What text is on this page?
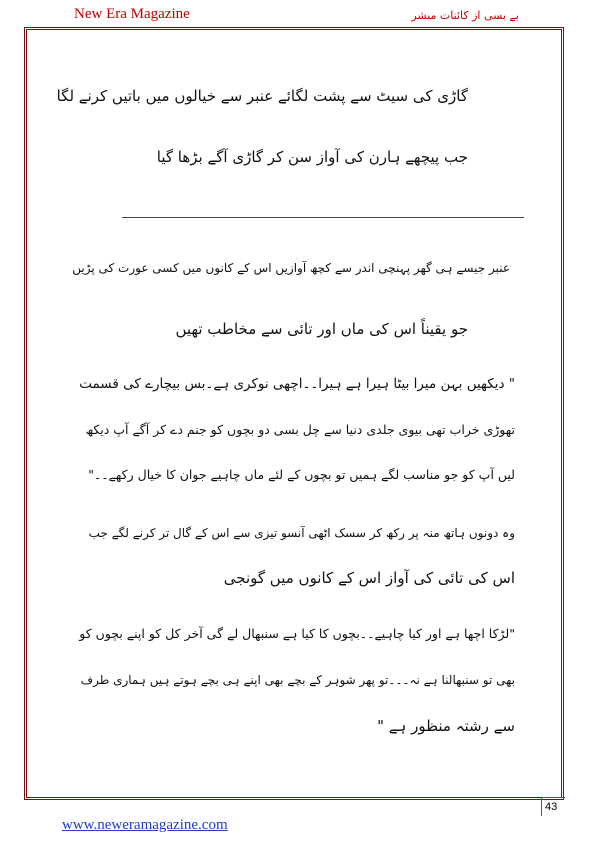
New Era Magazine	بے بسی از کائنات مبشر

گاڑی کی سیٹ سے پشت لگائے عنبر سے خیالوں میں باتیں کرنے لگا

جب پیچھے ہارن کی آواز سن کر گاڑی آگے بڑھا گیا

عنبر جیسے ہی گھر پہنچی اندر سے کچھ آوازیں اس کے کانوں میں کسی عورت کی پڑیں

جو یقیناً اس کی ماں اور تائی سے مخاطب تھیں

" دیکھیں بہن میرا بیٹا ہیرا ہے ہیرا۔۔اچھی نوکری ہے۔بس بیچارے کی قسمت

تھوڑی خراب تھی بیوی جلدی دنیا سے چل بسی دو بچوں کو جنم دے کر آگے آپ دیکھ

لیں آپ کو جو مناسب لگے ہمیں تو بچوں کے لئے ماں چاہیے جوان کا خیال رکھے۔۔"

وہ دونوں ہاتھ منہ پر رکھ کر سسک اٹھی آنسو تیزی سے اس کے گال تر کرنے لگے جب

اس کی تائی کی آواز اس کے کانوں میں گونجی

"لڑکا اچھا ہے اور کیا چاہیے۔۔بچوں کا کیا ہے سنبھال لے گی آخر کل کو اپنے بچوں کو

بھی تو سنبھالنا ہے نہ۔۔۔تو پھر شوہر کے بچے بھی اپنے ہی بچے ہوتے ہیں ہماری طرف

سے رشتہ منظور ہے "

43
www.neweramagazine.com
